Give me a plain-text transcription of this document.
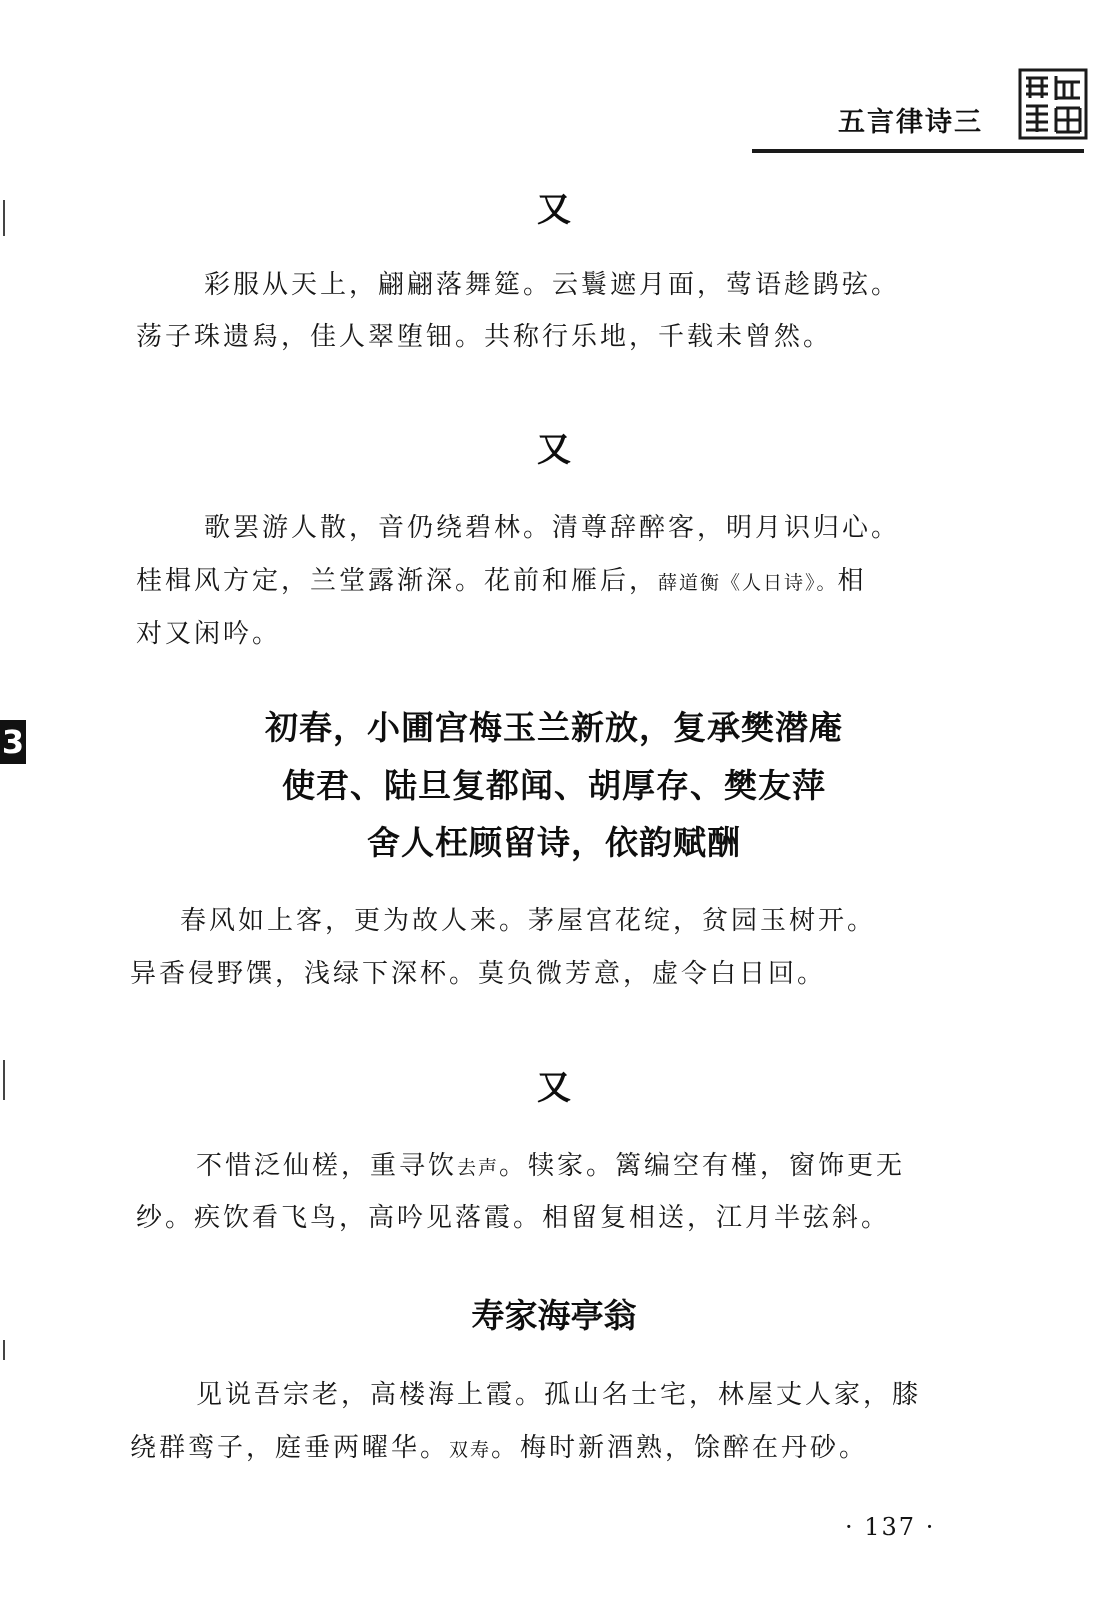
五言律诗三
3
又
彩服从天上，翩翩落舞筵。云鬟遮月面，莺语趁鹍弦。
荡子珠遗舄，佳人翠堕钿。共称行乐地，千载未曾然。
又
歌罢游人散，音仍绕碧林。清尊辞醉客，明月识归心。
桂楫风方定，兰堂露渐深。花前和雁后，薛道衡《人日诗》。相
对又闲吟。
初春，小圃宫梅玉兰新放，复承樊潜庵
使君、陆旦复都闻、胡厚存、樊友萍
舍人枉顾留诗，依韵赋酬
春风如上客，更为故人来。茅屋宫花绽，贫园玉树开。
异香侵野馔，浅绿下深杯。莫负微芳意，虚令白日回。
又
不惜泛仙槎，重寻饮去声。犊家。篱编空有槿，窗饰更无
纱。疾饮看飞鸟，高吟见落霞。相留复相送，江月半弦斜。
寿家海亭翁
见说吾宗老，高楼海上霞。孤山名士宅，林屋丈人家，膝
绕群鸾子，庭垂两曜华。双寿。梅时新酒熟，馀醉在丹砂。
· 137 ·
